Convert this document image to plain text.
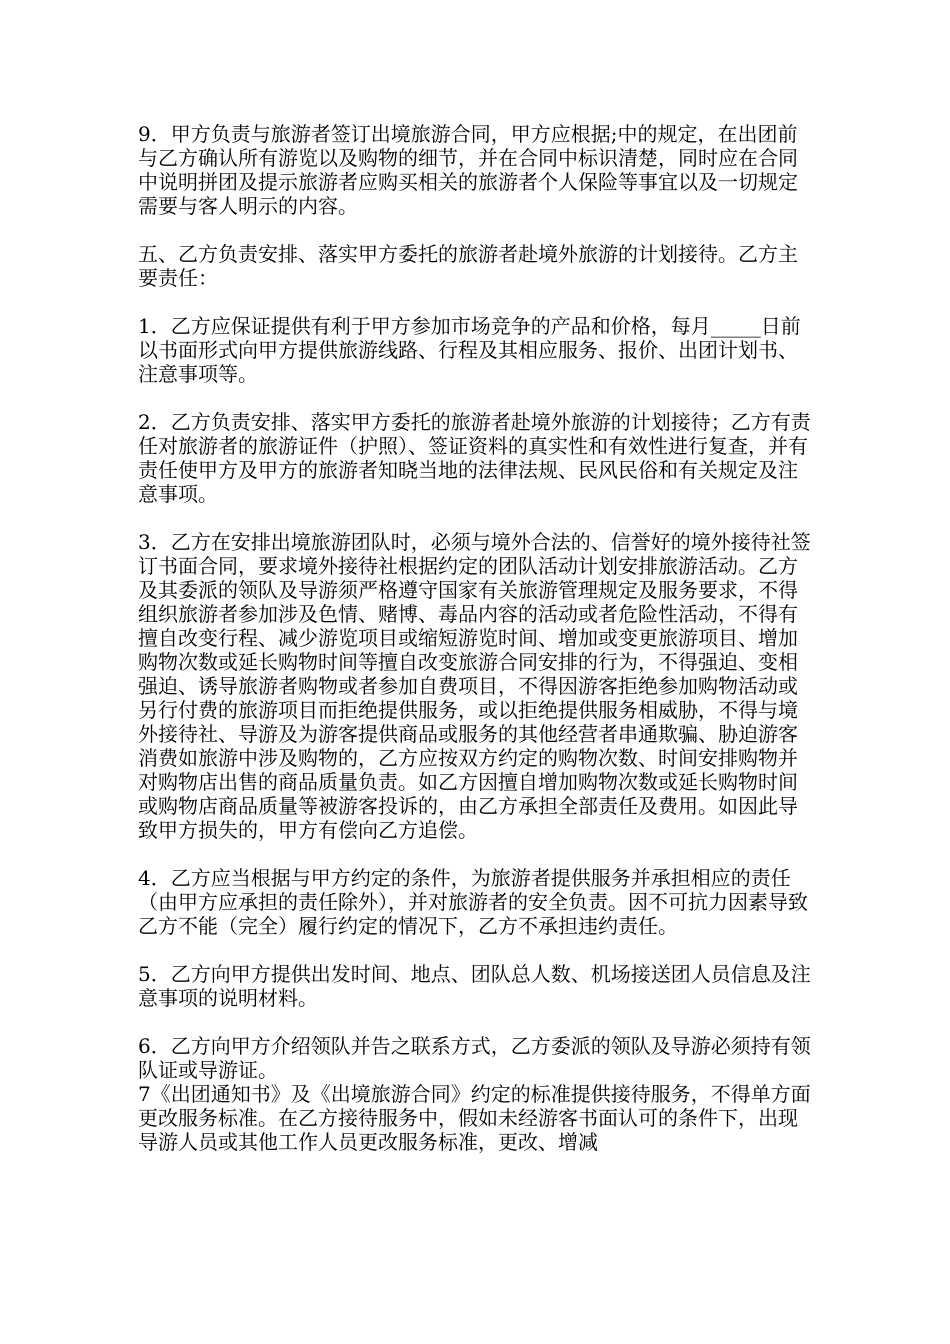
9．甲方负责与旅游者签订出境旅游合同，甲方应根据;中的规定，在出团前与乙方确认所有游览以及购物的细节，并在合同中标识清楚，同时应在合同中说明拼团及提示旅游者应购买相关的旅游者个人保险等事宜以及一切规定需要与客人明示的内容。

五、乙方负责安排、落实甲方委托的旅游者赴境外旅游的计划接待。乙方主要责任：

1．乙方应保证提供有利于甲方参加市场竞争的产品和价格，每月_____日前以书面形式向甲方提供旅游线路、行程及其相应服务、报价、出团计划书、注意事项等。

2．乙方负责安排、落实甲方委托的旅游者赴境外旅游的计划接待；乙方有责任对旅游者的旅游证件（护照）、签证资料的真实性和有效性进行复查，并有责任使甲方及甲方的旅游者知晓当地的法律法规、民风民俗和有关规定及注意事项。

3．乙方在安排出境旅游团队时，必须与境外合法的、信誉好的境外接待社签订书面合同，要求境外接待社根据约定的团队活动计划安排旅游活动。乙方及其委派的领队及导游须严格遵守国家有关旅游管理规定及服务要求，不得组织旅游者参加涉及色情、赌博、毒品内容的活动或者危险性活动，不得有擅自改变行程、减少游览项目或缩短游览时间、增加或变更旅游项目、增加购物次数或延长购物时间等擅自改变旅游合同安排的行为，不得强迫、变相强迫、诱导旅游者购物或者参加自费项目，不得因游客拒绝参加购物活动或另行付费的旅游项目而拒绝提供服务，或以拒绝提供服务相威胁，不得与境外接待社、导游及为游客提供商品或服务的其他经营者串通欺骗、胁迫游客消费如旅游中涉及购物的，乙方应按双方约定的购物次数、时间安排购物并对购物店出售的商品质量负责。如乙方因擅自增加购物次数或延长购物时间或购物店商品质量等被游客投诉的，由乙方承担全部责任及费用。如因此导致甲方损失的，甲方有偿向乙方追偿。

4．乙方应当根据与甲方约定的条件，为旅游者提供服务并承担相应的责任（由甲方应承担的责任除外），并对旅游者的安全负责。因不可抗力因素导致乙方不能（完全）履行约定的情况下，乙方不承担违约责任。

5．乙方向甲方提供出发时间、地点、团队总人数、机场接送团人员信息及注意事项的说明材料。

6．乙方向甲方介绍领队并告之联系方式，乙方委派的领队及导游必须持有领队证或导游证。

7《出团通知书》及《出境旅游合同》约定的标准提供接待服务，不得单方面更改服务标准。在乙方接待服务中，假如未经游客书面认可的条件下，出现导游人员或其他工作人员更改服务标准，更改、增减
